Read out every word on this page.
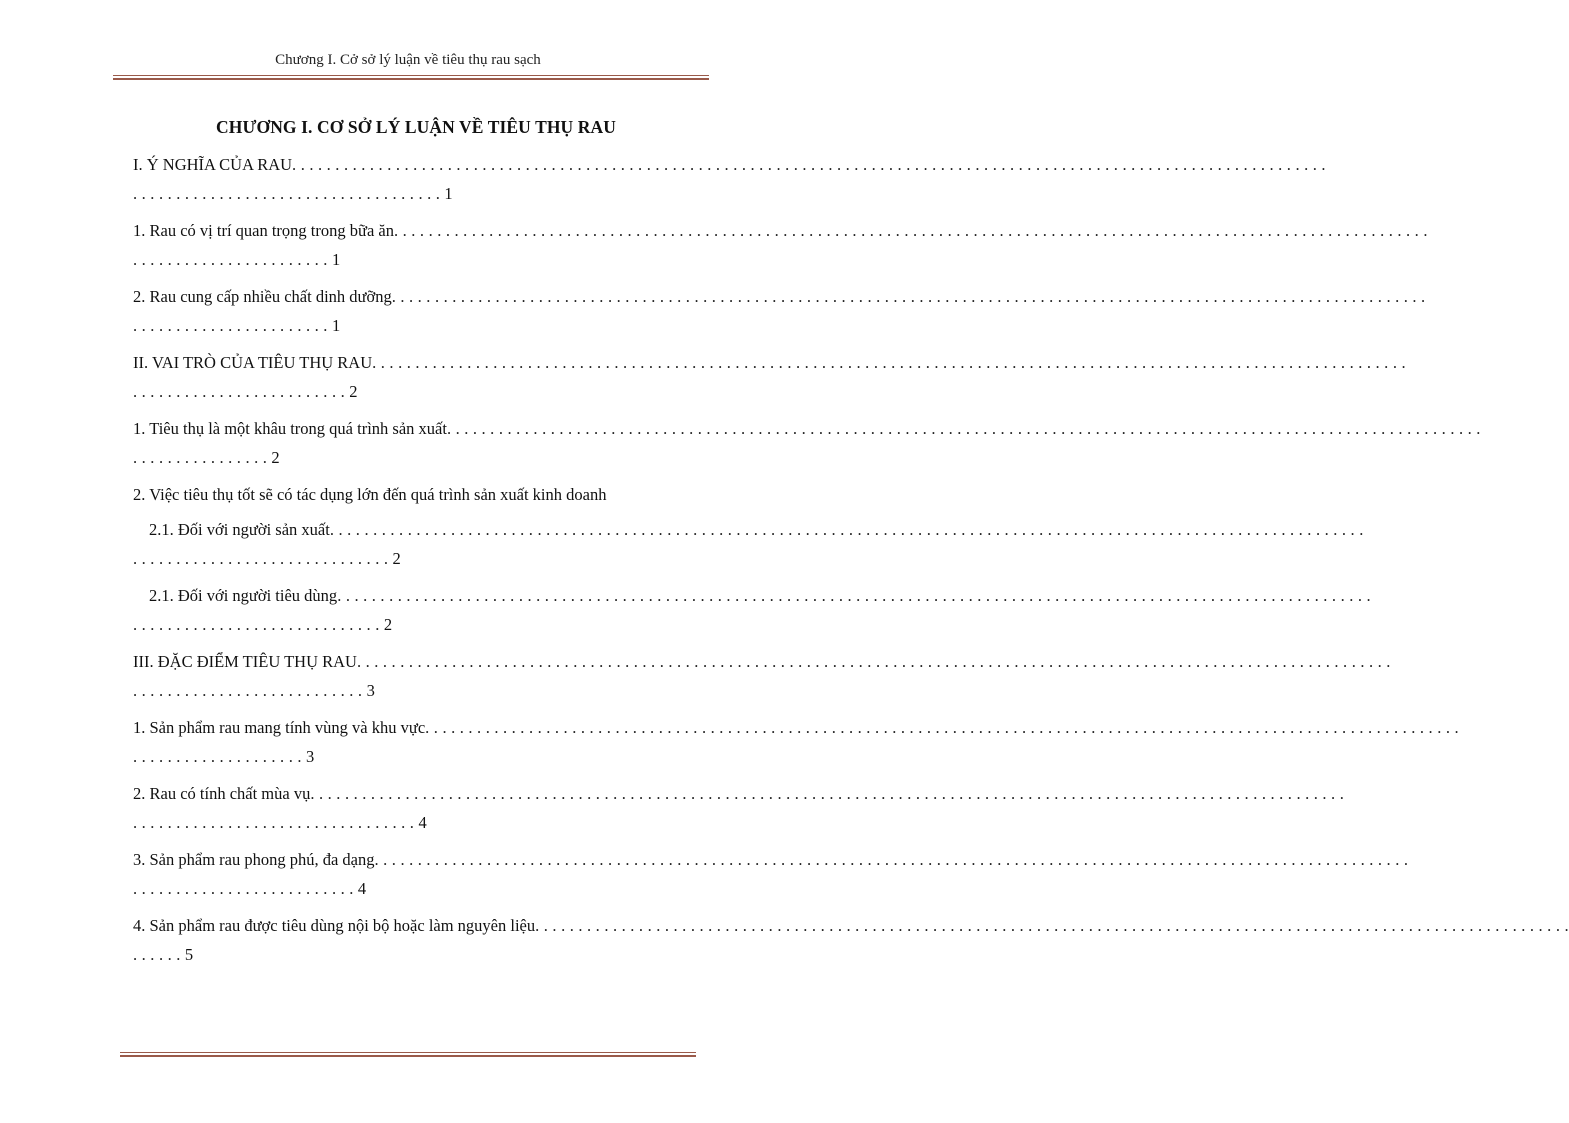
Chương I. Cở sở lý luận về tiêu thụ rau sạch
CHƯƠNG I. CƠ SỞ LÝ LUẬN VỀ TIÊU THỤ RAU
I. Ý NGHĨA CỦA RAU. . . . . . . . . . . . . . . . . . . . . . . . . . . . . . . . . . . . . . . . . . . . . . . . . . . . . . . . . . . . . . . . . . . . . . . . . . . . . . . . . . . . . . . . . . . . . . . . . . . . . . . . . . . . . . . . . . . . . . . .
. . . . . . . . . . . . . . . . . . . . . . . . . . . . . . . . . . . . 1
1. Rau có vị trí quan trọng trong bữa ăn. . . . . . . . . . . . . . . . . . . . . . . . . . . . . . . . . . . . . . . . . . . . . . . . . . . . . . . . . . . . . . . . . . . . . . . . . . . . . . . . . . . . . . . . . . . . . . . . . . . . . . . . . . . . . . . . . . . . . . . .
. . . . . . . . . . . . . . . . . . . . . . . 1
2. Rau cung cấp nhiều chất dinh dưỡng. . . . . . . . . . . . . . . . . . . . . . . . . . . . . . . . . . . . . . . . . . . . . . . . . . . . . . . . . . . . . . . . . . . . . . . . . . . . . . . . . . . . . . . . . . . . . . . . . . . . . . . . . . . . . . . . . . . . . . . .
. . . . . . . . . . . . . . . . . . . . . . . 1
II. VAI TRÒ CỦA TIÊU THỤ RAU. . . . . . . . . . . . . . . . . . . . . . . . . . . . . . . . . . . . . . . . . . . . . . . . . . . . . . . . . . . . . . . . . . . . . . . . . . . . . . . . . . . . . . . . . . . . . . . . . . . . . . . . . . . . . . . . . . . . . . . .
. . . . . . . . . . . . . . . . . . . . . . . . . 2
1. Tiêu thụ là một khâu trong quá trình sản xuất. . . . . . . . . . . . . . . . . . . . . . . . . . . . . . . . . . . . . . . . . . . . . . . . . . . . . . . . . . . . . . . . . . . . . . . . . . . . . . . . . . . . . . . . . . . . . . . . . . . . . . . . . . . . . . . . . . . . . . . .
. . . . . . . . . . . . . . . . 2
2. Việc tiêu thụ tốt sẽ có tác dụng lớn đến quá trình sản xuất kinh doanh
2.1. Đối với người sản xuất. . . . . . . . . . . . . . . . . . . . . . . . . . . . . . . . . . . . . . . . . . . . . . . . . . . . . . . . . . . . . . . . . . . . . . . . . . . . . . . . . . . . . . . . . . . . . . . . . . . . . . . . . . . . . . . . . . . . . . . .
. . . . . . . . . . . . . . . . . . . . . . . . . . . . . . 2
2.1. Đối với người tiêu dùng. . . . . . . . . . . . . . . . . . . . . . . . . . . . . . . . . . . . . . . . . . . . . . . . . . . . . . . . . . . . . . . . . . . . . . . . . . . . . . . . . . . . . . . . . . . . . . . . . . . . . . . . . . . . . . . . . . . . . . . .
. . . . . . . . . . . . . . . . . . . . . . . . . . . . . 2
III. ĐẶC ĐIỂM TIÊU THỤ RAU. . . . . . . . . . . . . . . . . . . . . . . . . . . . . . . . . . . . . . . . . . . . . . . . . . . . . . . . . . . . . . . . . . . . . . . . . . . . . . . . . . . . . . . . . . . . . . . . . . . . . . . . . . . . . . . . . . . . . . . .
. . . . . . . . . . . . . . . . . . . . . . . . . . . 3
1. Sản phẩm rau mang tính vùng và khu vực. . . . . . . . . . . . . . . . . . . . . . . . . . . . . . . . . . . . . . . . . . . . . . . . . . . . . . . . . . . . . . . . . . . . . . . . . . . . . . . . . . . . . . . . . . . . . . . . . . . . . . . . . . . . . . . . . . . . . . . .
. . . . . . . . . . . . . . . . . . . . 3
2. Rau có tính chất mùa vụ. . . . . . . . . . . . . . . . . . . . . . . . . . . . . . . . . . . . . . . . . . . . . . . . . . . . . . . . . . . . . . . . . . . . . . . . . . . . . . . . . . . . . . . . . . . . . . . . . . . . . . . . . . . . . . . . . . . . . . . .
. . . . . . . . . . . . . . . . . . . . . . . . . . . . . . . . . 4
3. Sản phẩm rau phong phú, đa dạng. . . . . . . . . . . . . . . . . . . . . . . . . . . . . . . . . . . . . . . . . . . . . . . . . . . . . . . . . . . . . . . . . . . . . . . . . . . . . . . . . . . . . . . . . . . . . . . . . . . . . . . . . . . . . . . . . . . . . . . .
. . . . . . . . . . . . . . . . . . . . . . . . . . 4
4. Sản phẩm rau được tiêu dùng nội bộ hoặc làm nguyên liệu. . . . . . . . . . . . . . . . . . . . . . . . . . . . . . . . . . . . . . . . . . . . . . . . . . . . . . . . . . . . . . . . . . . . . . . . . . . . . . . . . . . . . . . . . . . . . . . . . . . . . . . . . . . . . . . . . . . . . . . .
. . . . . . 5
